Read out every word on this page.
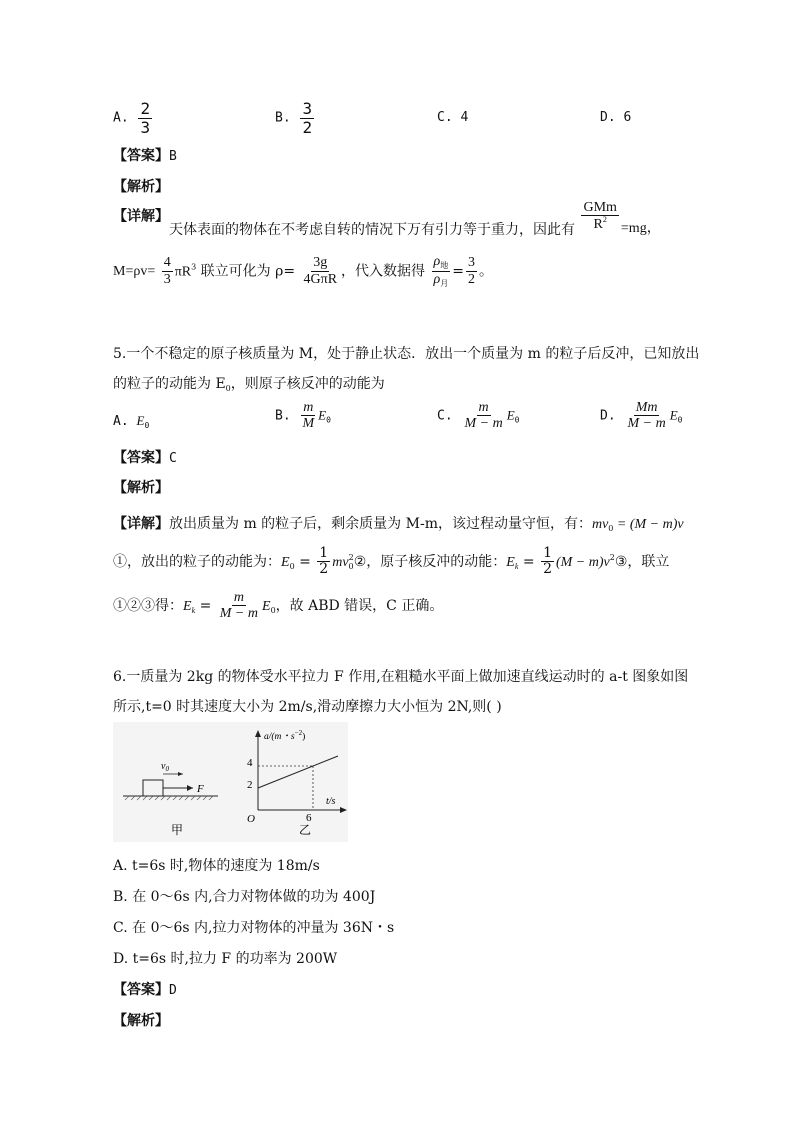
A. $\frac{2}{3}$	B. $\frac{3}{2}$	C. 4	D. 6
【答案】B
【解析】
【详解】天体表面的物体在不考虑自转的情况下万有引力等于重力，因此有 $\frac{\text{GMm}}{R^2} =mg$，
$M=\rho v= \frac{4}{3} \pi R^3$ 联立可化为 $\rho= \frac{3g}{\text{4GπR}}$ ，代入数据得 $\frac{\rho_地}{\rho_月} = \frac{3}{2}$ 。
5.一个不稳定的原子核质量为 M，处于静止状态．放出一个质量为 m 的粒子后反冲，已知放出
的粒子的动能为 $E_0$，则原子核反冲的动能为
A. $E_0$
B. $\frac{m}{M} E_0$	C. $\frac{m}{M - m} E_0$	D. $\frac{Mm}{M - m} E_0$
【答案】C
【解析】
【详解】放出质量为 m 的粒子后，剩余质量为 M-m，该过程动量守恒，有：$mv_0 = (M - m)v$
①，放出的粒子的动能为：$E_0 = \frac{1}{2}$ $mv_0^2②$，原子核反冲的动能：$E_k = \frac{1}{2} (M$ − $m)v^2③$，联立
①②③得：$E_k = \frac{m}{M - m} E_0$，故 ABD 错误，C 正确。
6.一质量为 2kg 的物体受水平拉力 F 作用,在粗糙水平面上做加速直线运动时的 a-t 图象如图
所示,t=0 时其速度大小为 2m/s,滑动摩擦力大小恒为 2N,则( )
$v_0$
F
甲
a/(m・$s^{-2}$)
t/s
O
4
2
6
乙
A. t=6s 时,物体的速度为 18m/s
B. 在 0～6s 内,合力对物体做的功为 400J
C. 在 0～6s 内,拉力对物体的冲量为 36N・s
D. t=6s 时,拉力 F 的功率为 200W
【答案】D
【解析】
